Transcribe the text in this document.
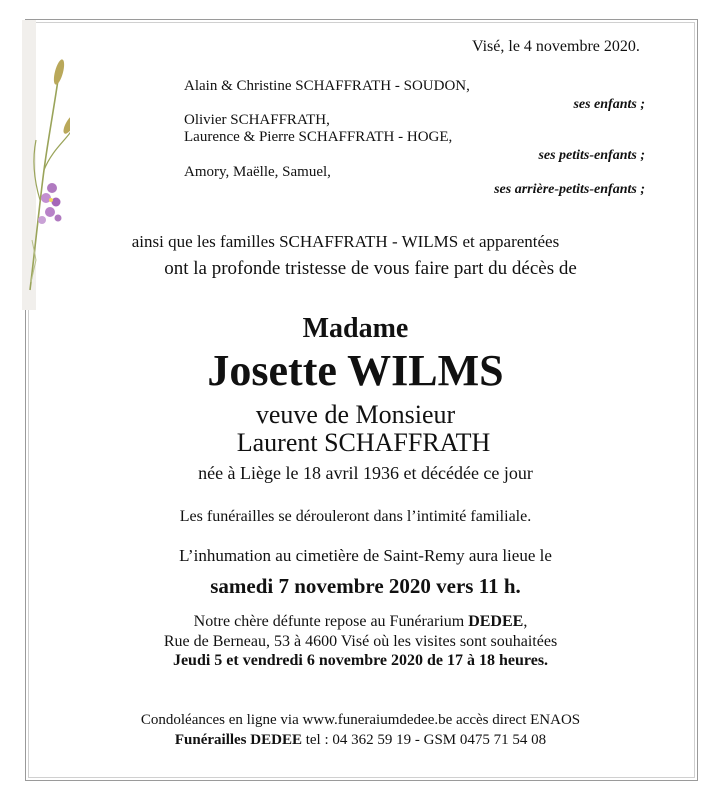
Visé, le 4 novembre 2020.
Alain & Christine SCHAFFRATH - SOUDON,
ses enfants ;
Olivier SCHAFFRATH,
Laurence & Pierre SCHAFFRATH - HOGE,
ses petits-enfants ;
Amory, Maëlle, Samuel,
ses arrière-petits-enfants ;
ainsi que les familles SCHAFFRATH - WILMS et apparentées
ont la profonde tristesse de vous faire part du décès de
Madame
Josette WILMS
veuve de Monsieur
Laurent SCHAFFRATH
née à Liège le 18 avril 1936 et décédée ce jour
Les funérailles se dérouleront dans l’intimité familiale.
L’inhumation au cimetière de Saint-Remy aura lieue le
samedi 7 novembre 2020 vers 11 h.
Notre chère défunte repose au Funérarium DEDEE,
Rue de Berneau, 53 à 4600 Visé où les visites sont souhaitées
Jeudi 5 et vendredi 6 novembre 2020 de 17 à 18 heures.
Condoléances en ligne via www.funeraiumdedee.be accès direct ENAOS
Funérailles DEDEE tel : 04 362 59 19 - GSM 0475 71 54 08
